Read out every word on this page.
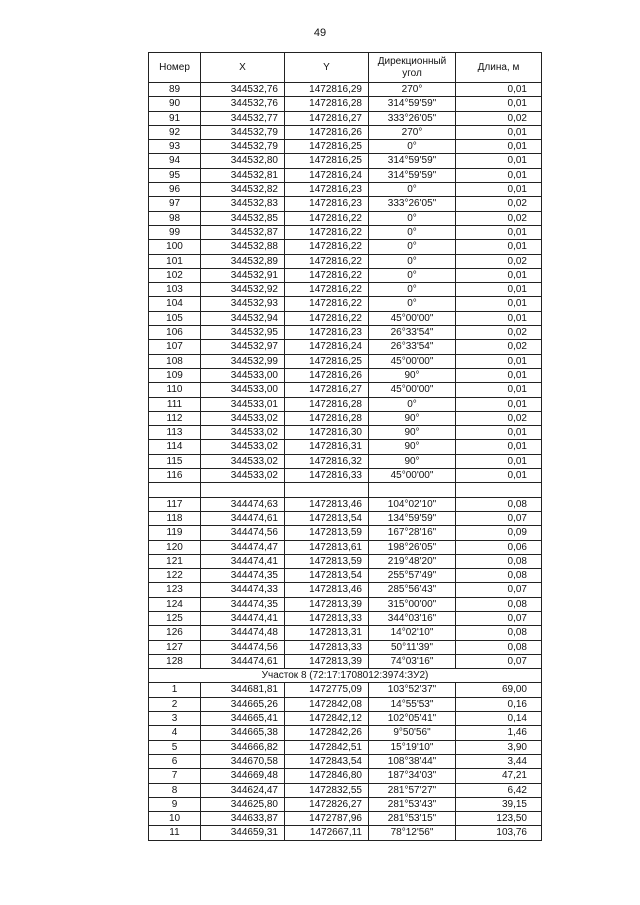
49
Номер	X	Y	Дирекционный угол	Длина, м
89	344532,76	1472816,29	270°	0,01
90	344532,76	1472816,28	314°59'59"	0,01
91	344532,77	1472816,27	333°26'05"	0,02
92	344532,79	1472816,26	270°	0,01
93	344532,79	1472816,25	0°	0,01
94	344532,80	1472816,25	314°59'59"	0,01
95	344532,81	1472816,24	314°59'59"	0,01
96	344532,82	1472816,23	0°	0,01
97	344532,83	1472816,23	333°26'05"	0,02
98	344532,85	1472816,22	0°	0,02
99	344532,87	1472816,22	0°	0,01
100	344532,88	1472816,22	0°	0,01
101	344532,89	1472816,22	0°	0,02
102	344532,91	1472816,22	0°	0,01
103	344532,92	1472816,22	0°	0,01
104	344532,93	1472816,22	0°	0,01
105	344532,94	1472816,22	45°00'00"	0,01
106	344532,95	1472816,23	26°33'54"	0,02
107	344532,97	1472816,24	26°33'54"	0,02
108	344532,99	1472816,25	45°00'00"	0,01
109	344533,00	1472816,26	90°	0,01
110	344533,00	1472816,27	45°00'00"	0,01
111	344533,01	1472816,28	0°	0,01
112	344533,02	1472816,28	90°	0,02
113	344533,02	1472816,30	90°	0,01
114	344533,02	1472816,31	90°	0,01
115	344533,02	1472816,32	90°	0,01
116	344533,02	1472816,33	45°00'00"	0,01

117	344474,63	1472813,46	104°02'10"	0,08
118	344474,61	1472813,54	134°59'59"	0,07
119	344474,56	1472813,59	167°28'16"	0,09
120	344474,47	1472813,61	198°26'05"	0,06
121	344474,41	1472813,59	219°48'20"	0,08
122	344474,35	1472813,54	255°57'49"	0,08
123	344474,33	1472813,46	285°56'43"	0,07
124	344474,35	1472813,39	315°00'00"	0,08
125	344474,41	1472813,33	344°03'16"	0,07
126	344474,48	1472813,31	14°02'10"	0,08
127	344474,56	1472813,33	50°11'39"	0,08
128	344474,61	1472813,39	74°03'16"	0,07
Участок 8 (72:17:1708012:3974:ЗУ2)				
1	344681,81	1472775,09	103°52'37"	69,00
2	344665,26	1472842,08	14°55'53"	0,16
3	344665,41	1472842,12	102°05'41"	0,14
4	344665,38	1472842,26	9°50'56"	1,46
5	344666,82	1472842,51	15°19'10"	3,90
6	344670,58	1472843,54	108°38'44"	3,44
7	344669,48	1472846,80	187°34'03"	47,21
8	344624,47	1472832,55	281°57'27"	6,42
9	344625,80	1472826,27	281°53'43"	39,15
10	344633,87	1472787,96	281°53'15"	123,50
11	344659,31	1472667,11	78°12'56"	103,76
